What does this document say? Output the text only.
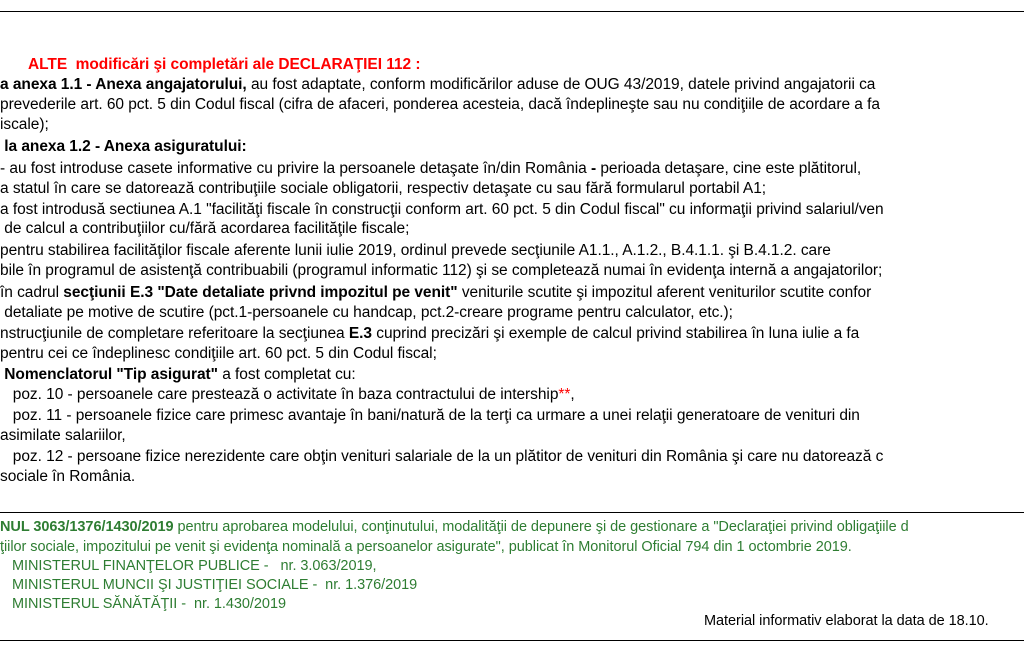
ALTE  modificări şi completări ale DECLARAŢIEI 112 :
a anexa 1.1 - Anexa angajatorului, au fost adaptate, conform modificărilor aduse de OUG 43/2019, datele privind angajatorii ca
prevederile art. 60 pct. 5 din Codul fiscal (cifra de afaceri, ponderea acesteia, dacă îndeplineşte sau nu condiţiile de acordare a fa
iscale);
la anexa 1.2 - Anexa asiguratului:
- au fost introduse casete informative cu privire la persoanele detaşate în/din România - perioada detaşare, cine este plătitorul,
a statul în care se datorează contribuţiile sociale obligatorii, respectiv detaşate cu sau fără formularul portabil A1;
a fost introdusă sectiunea A.1 "facilităţi fiscale în construcţii conform art. 60 pct. 5 din Codul fiscal" cu informaţii privind salariul/ven
de calcul a contribuţiilor cu/fără acordarea facilităţile fiscale;
pentru stabilirea facilităţilor fiscale aferente lunii iulie 2019, ordinul prevede secţiunile A1.1., A.1.2., B.4.1.1. şi B.4.1.2. care
bile în programul de asistenţă contribuabili (programul informatic 112) şi se completează numai în evidenţa internă a angajatorilor;
în cadrul secţiunii E.3 "Date detaliate privnd impozitul pe venit" veniturile scutite şi impozitul aferent veniturilor scutite confor
detaliate pe motive de scutire (pct.1-persoanele cu handcap, pct.2-creare programe pentru calculator, etc.);
nstrucţiunile de completare referitoare la secţiunea E.3 cuprind precizări şi exemple de calcul privind stabilirea în luna iulie a fa
pentru cei ce îndeplinesc condiţiile art. 60 pct. 5 din Codul fiscal;
Nomenclatorul "Tip asigurat" a fost completat cu:
poz. 10 - persoanele care prestează o activitate în baza contractului de intership**,
poz. 11 - persoanele fizice care primesc avantaje în bani/natură de la terţi ca urmare a unei relaţii generatoare de venituri din
asimilate salariilor,
poz. 12 - persoane fizice nerezidente care obţin venituri salariale de la un plătitor de venituri din România şi care nu datorează c
sociale în România.
NUL 3063/1376/1430/2019 pentru aprobarea modelului, conţinutului, modalităţii de depunere şi de gestionare a "Declaraţiei privind obligaţiile d
ţiilor sociale, impozitului pe venit şi evidenţa nominală a persoanelor asigurate", publicat în Monitorul Oficial 794 din 1 octombrie 2019.
MINISTERUL FINANŢELOR PUBLICE -   nr. 3.063/2019,
MINISTERUL MUNCII ŞI JUSTIŢIEI SOCIALE -  nr. 1.376/2019
MINISTERUL SĂNĂTĂŢII -  nr. 1.430/2019
Material informativ elaborat la data de 18.10.
